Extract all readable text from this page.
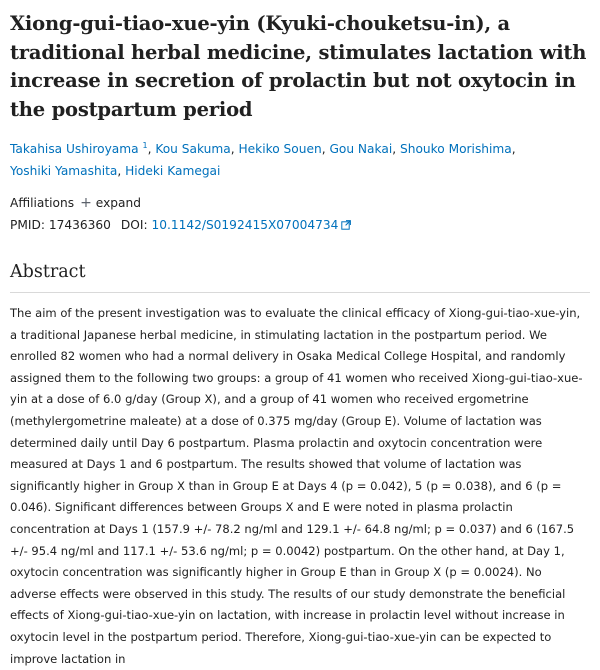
Xiong-gui-tiao-xue-yin (Kyuki-chouketsu-in), a traditional herbal medicine, stimulates lactation with increase in secretion of prolactin but not oxytocin in the postpartum period
Takahisa Ushiroyama $^1$, Kou Sakuma, Hekiko Souen, Gou Nakai, Shouko Morishima,
Yoshiki Yamashita, Hideki Kamegai
Affiliations + expand
PMID: 17436360 DOI: 10.1142/S0192415X07004734
Abstract

The aim of the present investigation was to evaluate the clinical efficacy of Xiong-gui-tiao-xue-yin, a traditional Japanese herbal medicine, in stimulating lactation in the postpartum period. We enrolled 82 women who had a normal delivery in Osaka Medical College Hospital, and randomly assigned them to the following two groups: a group of 41 women who received Xiong-gui-tiao-xue-yin at a dose of 6.0 g/day (Group X), and a group of 41 women who received ergometrine (methylergometrine maleate) at a dose of 0.375 mg/day (Group E). Volume of lactation was determined daily until Day 6 postpartum. Plasma prolactin and oxytocin concentration were measured at Days 1 and 6 postpartum. The results showed that volume of lactation was significantly higher in Group X than in Group E at Days 4 (p = 0.042), 5 (p = 0.038), and 6 (p = 0.046). Significant differences between Groups X and E were noted in plasma prolactin concentration at Days 1 (157.9 +/- 78.2 ng/ml and 129.1 +/- 64.8 ng/ml; p = 0.037) and 6 (167.5 +/- 95.4 ng/ml and 117.1 +/- 53.6 ng/ml; p = 0.0042) postpartum. On the other hand, at Day 1, oxytocin concentration was significantly higher in Group E than in Group X (p = 0.0024). No adverse effects were observed in this study. The results of our study demonstrate the beneficial effects of Xiong-gui-tiao-xue-yin on lactation, with increase in prolactin level without increase in oxytocin level in the postpartum period. Therefore, Xiong-gui-tiao-xue-yin can be expected to improve lactation in
